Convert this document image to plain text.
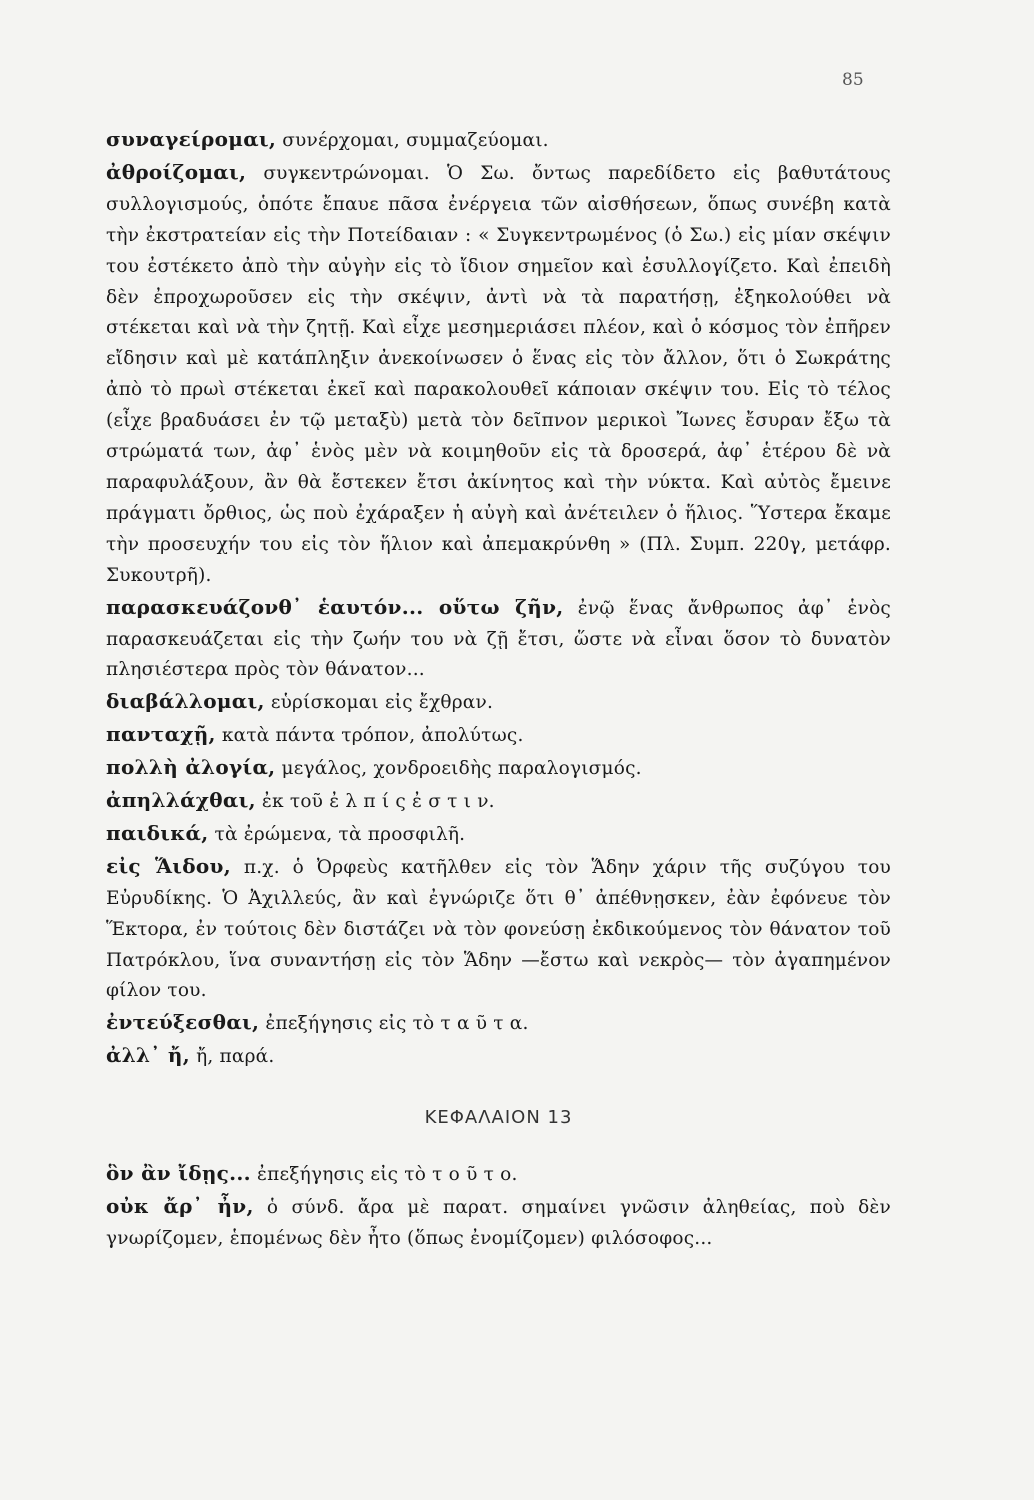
85

συναγείρομαι, συνέρχομαι, συμμαζεύομαι.

ἀθροίζομαι, συγκεντρώνομαι. Ὁ Σω. ὄντως παρεδίδετο εἰς βαθυτάτους συλλογισμούς, ὁπότε ἔπαυε πᾶσα ἐνέργεια τῶν αἰσθήσεων, ὅπως συνέβη κατὰ τὴν ἐκστρατείαν εἰς τὴν Ποτείδαιαν : « Συγκεντρωμένος (ὁ Σω.) εἰς μίαν σκέψιν του ἐστέκετο ἀπὸ τὴν αὐγὴν εἰς τὸ ἴδιον σημεῖον καὶ ἐσυλλογίζετο. Καὶ ἐπειδὴ δὲν ἐπροχωροῦσεν εἰς τὴν σκέψιν, ἀντὶ νὰ τὰ παρατήσῃ, ἐξηκολούθει νὰ στέκεται καὶ νὰ τὴν ζητῇ. Καὶ εἶχε μεσημεριάσει πλέον, καὶ ὁ κόσμος τὸν ἐπῆρεν εἴδησιν καὶ μὲ κατάπληξιν ἀνεκοίνωσεν ὁ ἕνας εἰς τὸν ἄλλον, ὅτι ὁ Σωκράτης ἀπὸ τὸ πρωὶ στέκεται ἐκεῖ καὶ παρακολουθεῖ κάποιαν σκέψιν του. Εἰς τὸ τέλος (εἶχε βραδυάσει ἐν τῷ μεταξὺ) μετὰ τὸν δεῖπνον μερικοὶ Ἴωνες ἔσυραν ἔξω τὰ στρώματά των, ἀφ᾽ ἑνὸς μὲν νὰ κοιμηθοῦν εἰς τὰ δροσερά, ἀφ᾽ ἑτέρου δὲ νὰ παραφυλάξουν, ἂν θὰ ἔστεκεν ἔτσι ἀκίνητος καὶ τὴν νύκτα. Καὶ αὐτὸς ἔμεινε πράγματι ὄρθιος, ὡς ποὺ ἐχάραξεν ἡ αὐγὴ καὶ ἀνέτειλεν ὁ ἥλιος. Ὕστερα ἔκαμε τὴν προσευχήν του εἰς τὸν ἥλιον καὶ ἀπεμακρύνθη » (Πλ. Συμπ. 220γ, μετάφρ. Συκουτρῆ).

παρασκευάζονθ᾽ ἑαυτόν... οὕτω ζῆν, ἐνῷ ἕνας ἄνθρωπος ἀφ᾽ ἑνὸς παρασκευάζεται εἰς τὴν ζωήν του νὰ ζῇ ἔτσι, ὥστε νὰ εἶναι ὅσον τὸ δυνατὸν πλησιέστερα πρὸς τὸν θάνατον...

διαβάλλομαι, εὑρίσκομαι εἰς ἔχθραν.

πανταχῇ, κατὰ πάντα τρόπον, ἀπολύτως.

πολλὴ ἀλογία, μεγάλος, χονδροειδὴς παραλογισμός.

ἀπηλλάχθαι, ἐκ τοῦ ἐ λ π ί ς ἐ σ τ ι ν.

παιδικά, τὰ ἐρώμενα, τὰ προσφιλῆ.

εἰς Ἅιδου, π.χ. ὁ Ὀρφεὺς κατῆλθεν εἰς τὸν Ἅδην χάριν τῆς συζύγου του Εὐρυδίκης. Ὁ Ἀχιλλεύς, ἂν καὶ ἐγνώριζε ὅτι θ᾽ ἀπέθνῃσκεν, ἐὰν ἐφόνευε τὸν Ἕκτορα, ἐν τούτοις δὲν διστάζει νὰ τὸν φονεύσῃ ἐκδικούμενος τὸν θάνατον τοῦ Πατρόκλου, ἵνα συναντήσῃ εἰς τὸν Ἅδην —ἔστω καὶ νεκρὸς— τὸν ἀγαπημένον φίλον του.

ἐντεύξεσθαι, ἐπεξήγησις εἰς τὸ τ α ῦ τ α.

ἀλλ᾽ ἤ, ἤ, παρά.

ΚΕΦΑΛΑΙΟΝ 13

ὃν ἂν ἴδῃς... ἐπεξήγησις εἰς τὸ τ ο ῦ τ ο.

οὐκ ἄρ᾽ ἦν, ὁ σύνδ. ἄρα μὲ παρατ. σημαίνει γνῶσιν ἀληθείας, ποὺ δὲν γνωρίζομεν, ἑπομένως δὲν ἦτο (ὅπως ἐνομίζομεν) φιλόσοφος...
